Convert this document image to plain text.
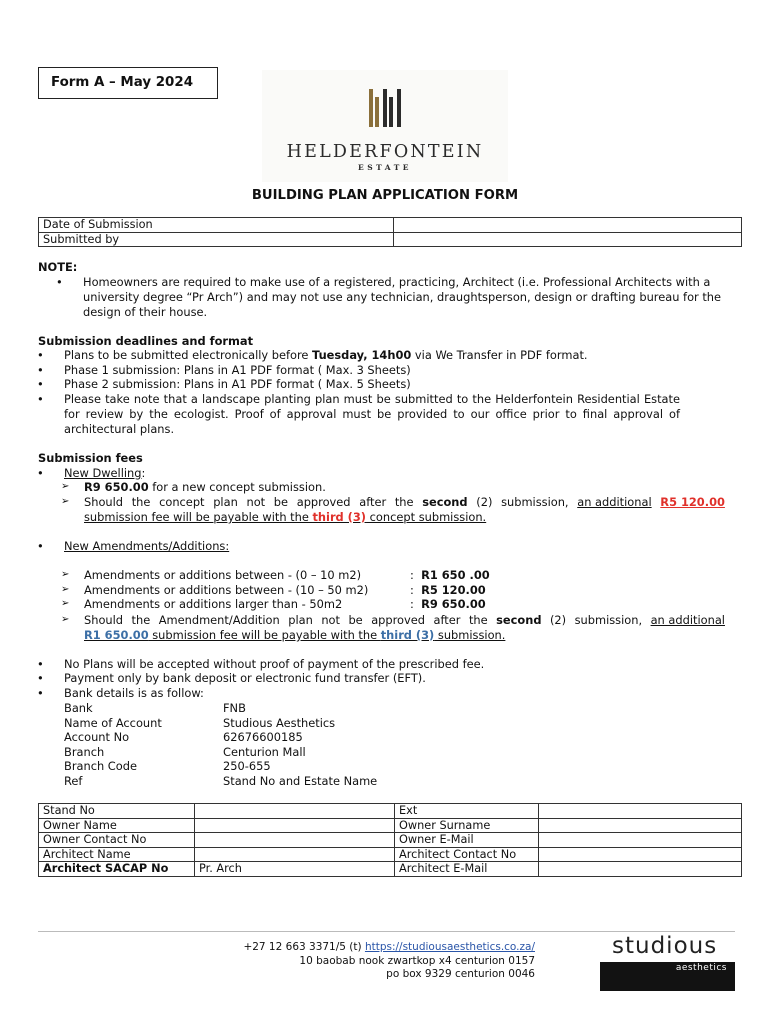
Form A – May 2024
HELDERFONTEIN
ESTATE
BUILDING PLAN APPLICATION FORM
Date of Submission	
Submitted by	
NOTE:
• Homeowners are required to make use of a registered, practicing, Architect (i.e. Professional Architects with a
university degree “Pr Arch”) and may not use any technician, draughtsperson, design or drafting bureau for the
design of their house.
Submission deadlines and format
• Plans to be submitted electronically before Tuesday, 14h00 via We Transfer in PDF format.
• Phase 1 submission: Plans in A1 PDF format ( Max. 3 Sheets)
• Phase 2 submission: Plans in A1 PDF format ( Max. 5 Sheets)
• Please take note that a landscape planting plan must be submitted to the Helderfontein Residential Estate
for review by the ecologist. Proof of approval must be provided to our office prior to final approval of
architectural plans.
Submission fees
• New Dwelling:
➢ R9 650.00 for a new concept submission.
➢ Should the concept plan not be approved after the second (2) submission, an additional R5 120.00
submission fee will be payable with the third (3) concept submission.
• New Amendments/Additions:
➢ Amendments or additions between - (0 – 10 m2)	: R1 650 .00
➢ Amendments or additions between - (10 – 50 m2)	: R5 120.00
➢ Amendments or additions larger than - 50m2	: R9 650.00
➢ Should the Amendment/Addition plan not be approved after the second (2) submission, an additional
R1 650.00 submission fee will be payable with the third (3) submission.
• No Plans will be accepted without proof of payment of the prescribed fee.
• Payment only by bank deposit or electronic fund transfer (EFT).
• Bank details is as follow:
Bank	FNB
Name of Account	Studious Aesthetics
Account No	62676600185
Branch	Centurion Mall
Branch Code	250-655
Ref	Stand No and Estate Name
Stand No		Ext	
Owner Name		Owner Surname	
Owner Contact No		Owner E-Mail	
Architect Name		Architect Contact No	
Architect SACAP No	Pr. Arch	Architect E-Mail	
+27 12 663 3371/5 (t) https://studiousaesthetics.co.za/
10 baobab nook zwartkop x4 centurion 0157
po box 9329 centurion 0046
studious
aesthetics
